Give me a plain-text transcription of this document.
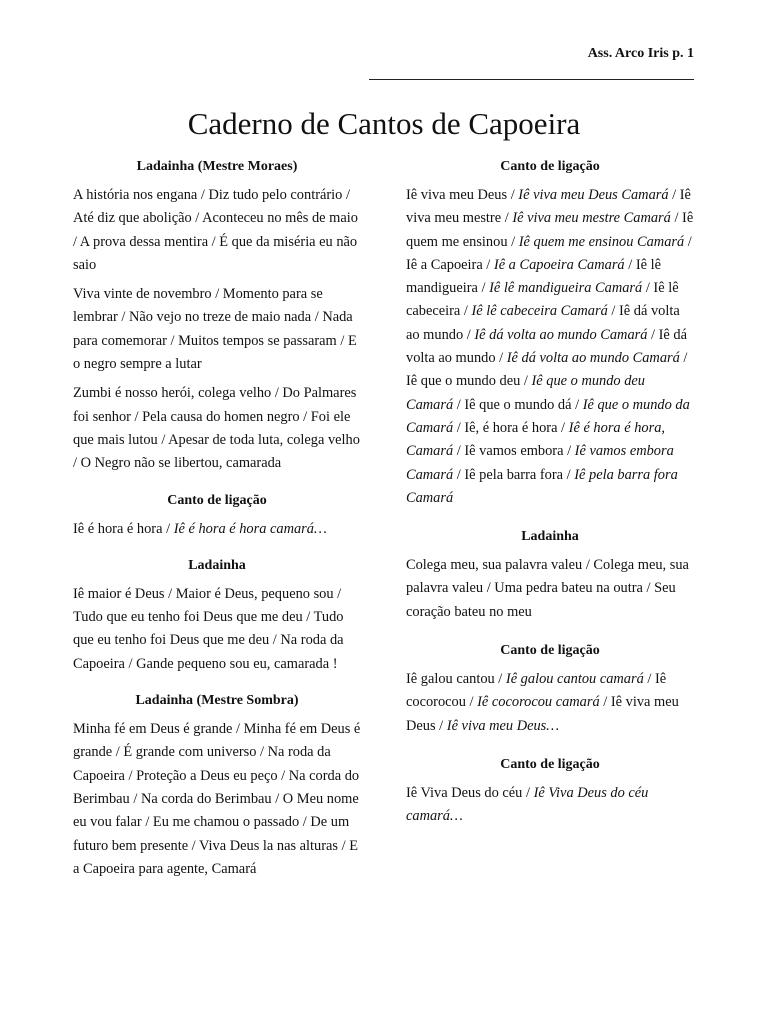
Ass. Arco Iris p. 1
Caderno de Cantos de Capoeira
Ladainha (Mestre Moraes)

A história nos engana / Diz tudo pelo contrário / Até diz que abolição / Aconteceu no mês de maio / A prova dessa mentira / É que da miséria eu não saio

Viva vinte de novembro / Momento para se lembrar / Não vejo no treze de maio nada / Nada para comemorar / Muitos tempos se passaram / E o negro sempre a lutar

Zumbi é nosso herói, colega velho / Do Palmares foi senhor / Pela causa do homen negro / Foi ele que mais lutou / Apesar de toda luta, colega velho / O Negro não se libertou, camarada

Canto de ligação

Iê é hora é hora / Iê é hora é hora camará…

Ladainha

Iê maior é Deus / Maior é Deus, pequeno sou / Tudo que eu tenho foi Deus que me deu / Tudo que eu tenho foi Deus que me deu / Na roda da Capoeira / Gande pequeno sou eu, camarada !

Ladainha (Mestre Sombra)

Minha fé em Deus é grande / Minha fé em Deus é grande / É grande com universo / Na roda da Capoeira / Proteção a Deus eu peço / Na corda do Berimbau / Na corda do Berimbau / O Meu nome eu vou falar / Eu me chamou o passado / De um futuro bem presente / Viva Deus la nas alturas / E a Capoeira para agente, Camará

Canto de ligação

Iê viva meu Deus / Iê viva meu Deus Camará / Iê viva meu mestre / Iê viva meu mestre Camará / Iê quem me ensinou / Iê quem me ensinou Camará / Iê a Capoeira / Iê a Capoeira Camará / Iê lê mandigueira / Iê lê mandigueira Camará / Iê lê cabeceira / Iê lê cabeceira Camará / Iê dá volta ao mundo / Iê dá volta ao mundo Camará / Iê dá volta ao mundo / Iê dá volta ao mundo Camará / Iê que o mundo deu / Iê que o mundo deu Camará / Iê que o mundo dá / Iê que o mundo da Camará / Iê, é hora é hora / Iê é hora é hora, Camará / Iê vamos embora / Iê vamos embora Camará / Iê pela barra fora / Iê pela barra fora Camará

Ladainha

Colega meu, sua palavra valeu / Colega meu, sua palavra valeu / Uma pedra bateu na outra / Seu coração bateu no meu

Canto de ligação

Iê galou cantou / Iê galou cantou camará / Iê cocorocou / Iê cocorocou camará / Iê viva meu Deus / Iê viva meu Deus…

Canto de ligação

Iê Viva Deus do céu / Iê Viva Deus do céu camará…
